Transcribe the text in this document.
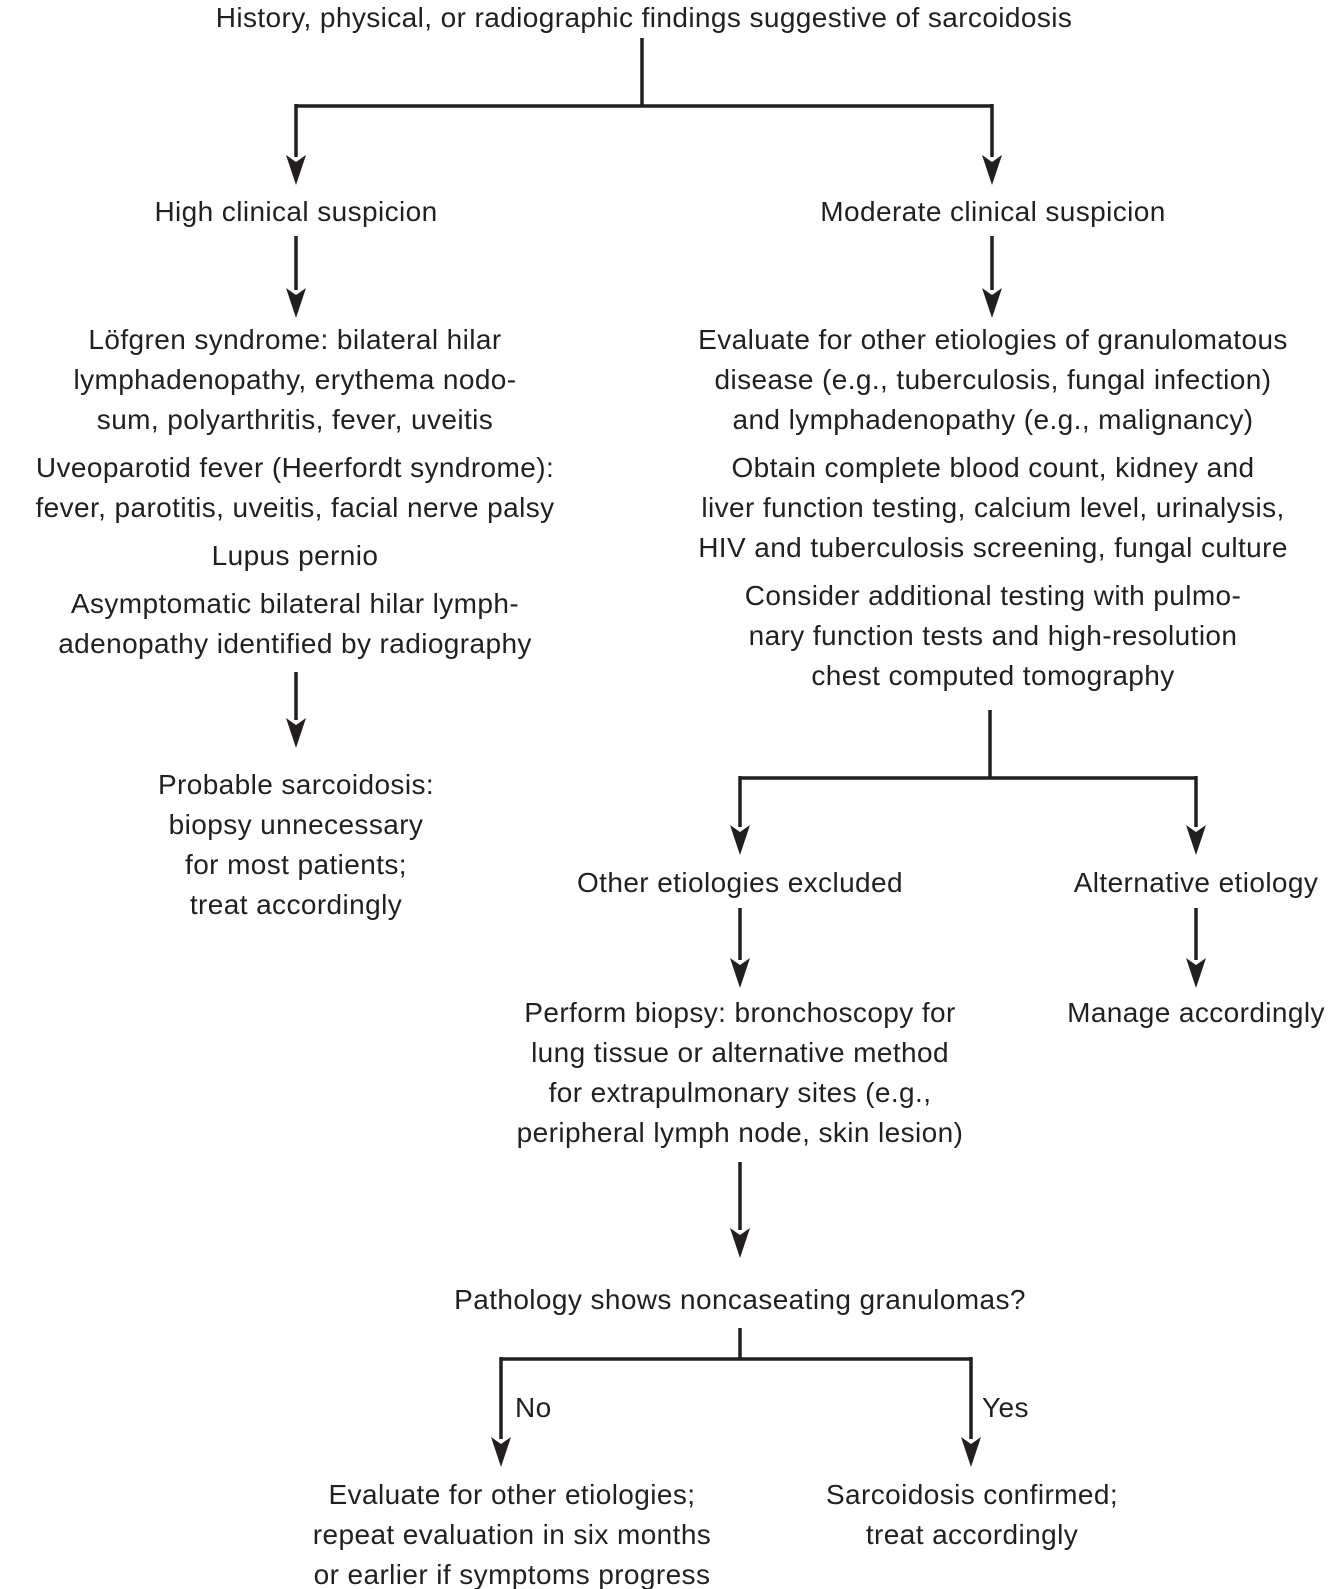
History, physical, or radiographic findings suggestive of sarcoidosis
High clinical suspicion	Moderate clinical suspicion
Löfgren syndrome: bilateral hilar
lymphadenopathy, erythema nodo-
sum, polyarthritis, fever, uveitis
Uveoparotid fever (Heerfordt syndrome):
fever, parotitis, uveitis, facial nerve palsy
Lupus pernio
Asymptomatic bilateral hilar lymph-
adenopathy identified by radiography
Probable sarcoidosis:
biopsy unnecessary
for most patients;
treat accordingly
Evaluate for other etiologies of granulomatous
disease (e.g., tuberculosis, fungal infection)
and lymphadenopathy (e.g., malignancy)
Obtain complete blood count, kidney and
liver function testing, calcium level, urinalysis,
HIV and tuberculosis screening, fungal culture
Consider additional testing with pulmo-
nary function tests and high-resolution
chest computed tomography
Other etiologies excluded	Alternative etiology
Perform biopsy: bronchoscopy for
lung tissue or alternative method
for extrapulmonary sites (e.g.,
peripheral lymph node, skin lesion)
Manage accordingly
Pathology shows noncaseating granulomas?
No	Yes
Evaluate for other etiologies;
repeat evaluation in six months
or earlier if symptoms progress
Sarcoidosis confirmed;
treat accordingly
